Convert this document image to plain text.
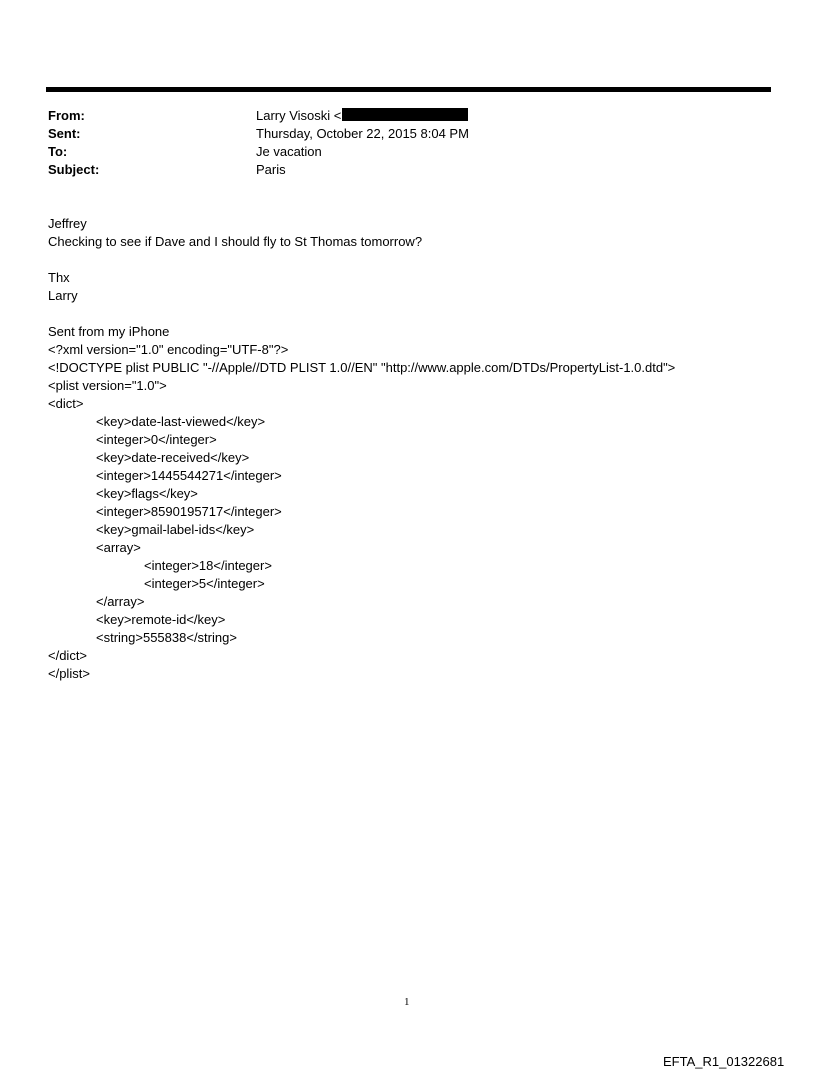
From:	Larry Visoski <
Sent:	Thursday, October 22, 2015 8:04 PM
To:	Je vacation
Subject:	Paris

Jeffrey

Checking to see if Dave and I should fly to St Thomas tomorrow?

Thx

Larry

Sent from my iPhone

<?xml version="1.0" encoding="UTF-8"?>

<!DOCTYPE plist PUBLIC "-//Apple//DTD PLIST 1.0//EN" "http://www.apple.com/DTDs/PropertyList-1.0.dtd">

<plist version="1.0">

<dict>

<key>date-last-viewed</key>

<integer>0</integer>

<key>date-received</key>

<integer>1445544271</integer>

<key>flags</key>

<integer>8590195717</integer>

<key>gmail-label-ids</key>

<array>

<integer>18</integer>

<integer>5</integer>

</array>

<key>remote-id</key>

<string>555838</string>

</dict>

</plist>

1
EFTA_R1_01322681
